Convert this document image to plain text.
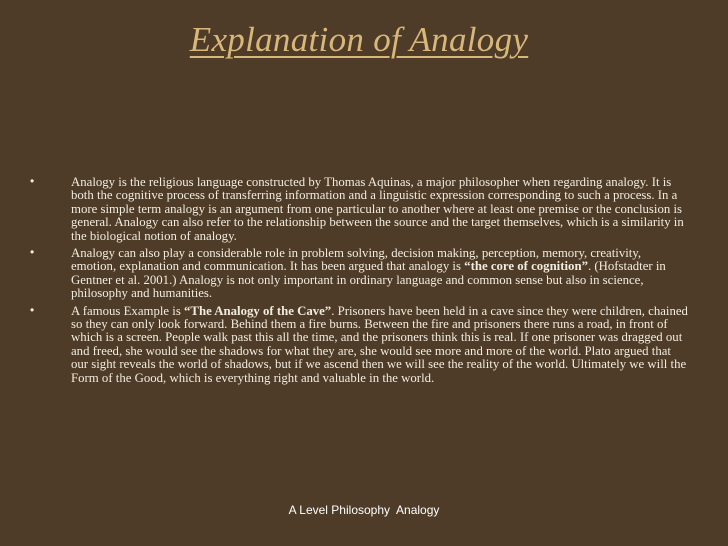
Explanation of Analogy
•	Analogy is the religious language constructed by Thomas Aquinas, a major philosopher when regarding analogy. It is both the cognitive process of transferring information and a linguistic expression corresponding to such a process. In a more simple term analogy is an argument from one particular to another where at least one premise or the conclusion is general. Analogy can also refer to the relationship between the source and the target themselves, which is a similarity in the biological notion of analogy.
•	Analogy can also play a considerable role in problem solving, decision making, perception, memory, creativity, emotion, explanation and communication. It has been argued that analogy is “the core of cognition”. (Hofstadter in Gentner et al. 2001.) Analogy is not only important in ordinary language and common sense but also in science, philosophy and humanities.
•	A famous Example is “The Analogy of the Cave”. Prisoners have been held in a cave since they were children, chained so they can only look forward. Behind them a fire burns. Between the fire and prisoners there runs a road, in front of which is a screen. People walk past this all the time, and the prisoners think this is real. If one prisoner was dragged out and freed, she would see the shadows for what they are, she would see more and more of the world. Plato argued that our sight reveals the world of shadows, but if we ascend then we will see the reality of the world. Ultimately we will the Form of the Good, which is everything right and valuable in the world.
A Level Philosophy  Analogy
